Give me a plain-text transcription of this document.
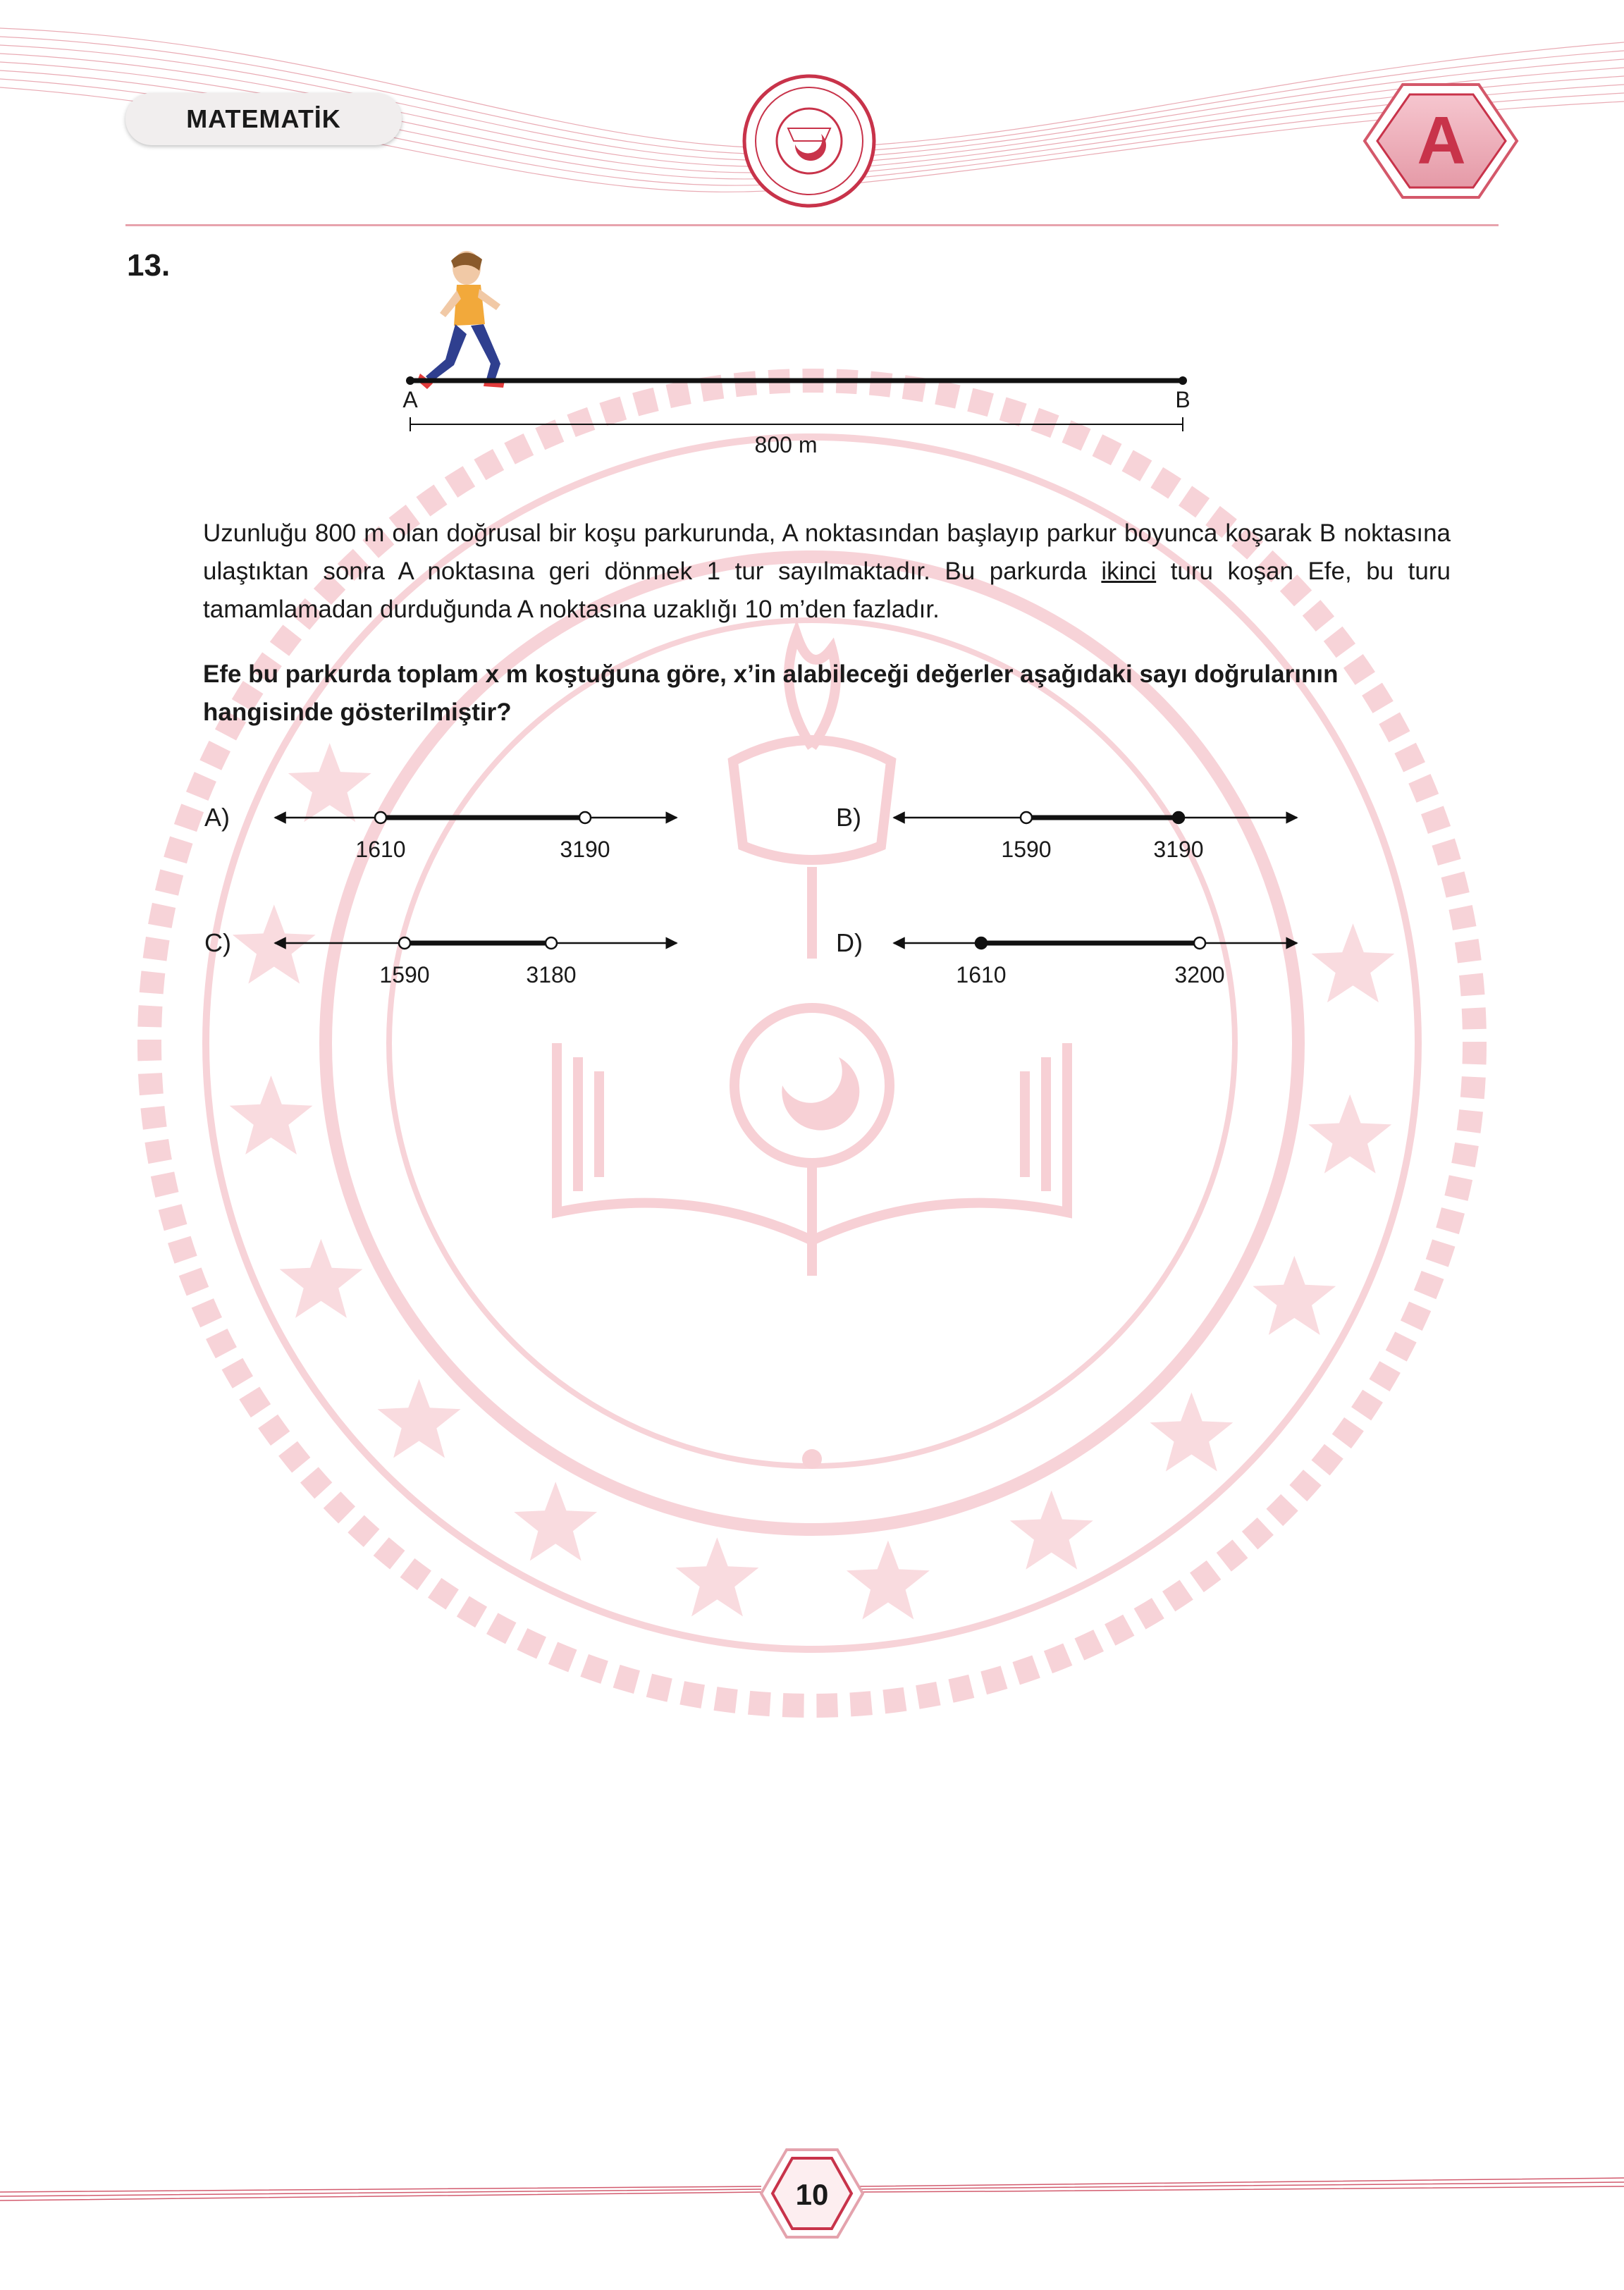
A
MATEMATİK
13.
A	B
800 m

Uzunluğu 800 m olan doğrusal bir koşu parkurunda, A noktasından başlayıp parkur boyunca koşarak B noktasına ulaştıktan sonra A noktasına geri dönmek 1 tur sayılmaktadır. Bu parkurda ikinci turu koşan Efe, bu turu tamamlamadan durduğunda A noktasına uzaklığı 10 m’den fazladır.

Efe bu parkurda toplam x m koştuğuna göre, x’in alabileceği değerler aşağıdaki sayı doğrularının hangisinde gösterilmiştir?

A)
1610	3190
B)
1590	3190
C)
1590	3180
D)
1610	3200
10
